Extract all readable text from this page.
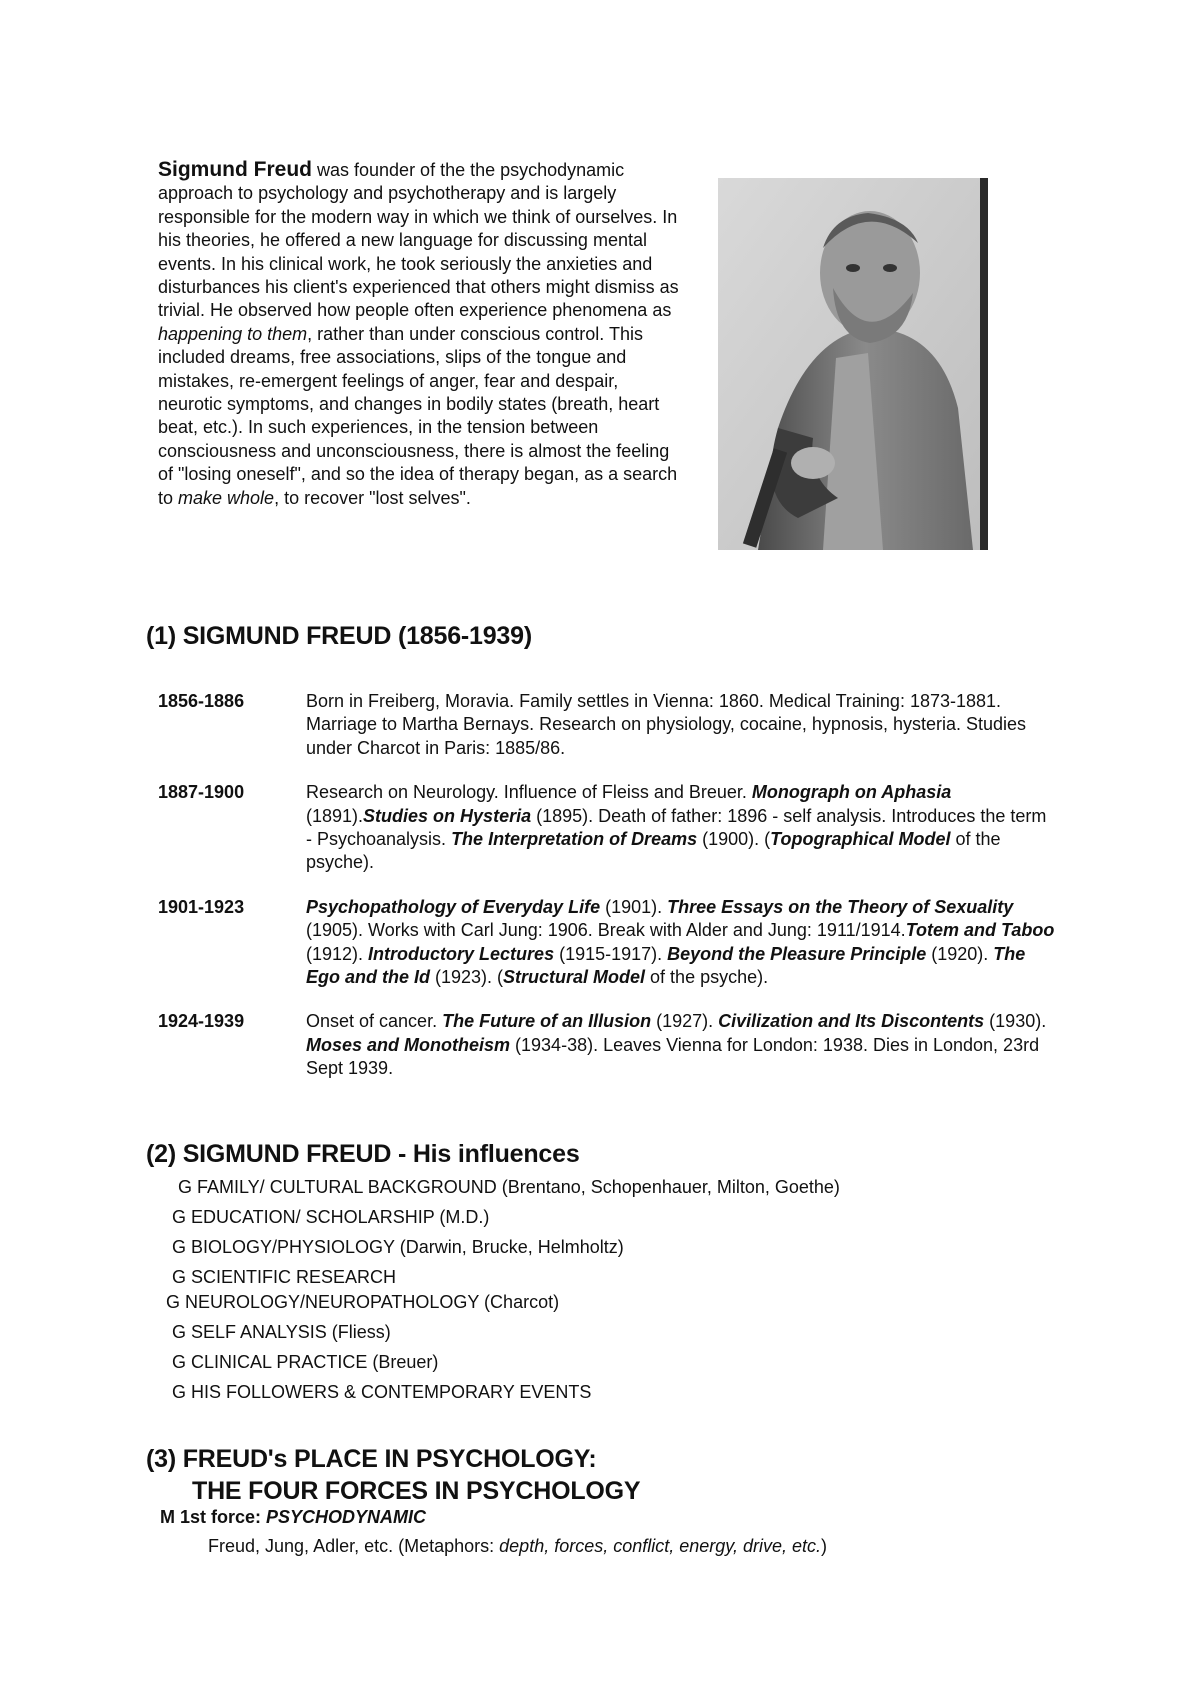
Sigmund Freud was founder of the the psychodynamic approach to psychology and psychotherapy and is largely responsible for the modern way in which we think of ourselves. In his theories, he offered a new language for discussing mental events. In his clinical work, he took seriously the anxieties and disturbances his client's experienced that others might dismiss as trivial. He observed how people often experience phenomena as happening to them, rather than under conscious control. This included dreams, free associations, slips of the tongue and mistakes, re-emergent feelings of anger, fear and despair, neurotic symptoms, and changes in bodily states (breath, heart beat, etc.). In such experiences, in the tension between consciousness and unconsciousness, there is almost the feeling of "losing oneself", and so the idea of therapy began, as a search to make whole, to recover "lost selves".

(1) SIGMUND FREUD (1856-1939)
1856-1886	Born in Freiberg, Moravia. Family settles in Vienna: 1860. Medical Training: 1873-1881. Marriage to Martha Bernays. Research on physiology, cocaine, hypnosis, hysteria. Studies under Charcot in Paris: 1885/86.
1887-1900	Research on Neurology. Influence of Fleiss and Breuer. Monograph on Aphasia (1891).Studies on Hysteria (1895). Death of father: 1896 - self analysis. Introduces the term - Psychoanalysis. The Interpretation of Dreams (1900). (Topographical Model of the psyche).
1901-1923	Psychopathology of Everyday Life (1901). Three Essays on the Theory of Sexuality (1905). Works with Carl Jung: 1906. Break with Alder and Jung: 1911/1914.Totem and Taboo (1912). Introductory Lectures (1915-1917). Beyond the Pleasure Principle (1920). The Ego and the Id (1923). (Structural Model of the psyche).
1924-1939	Onset of cancer. The Future of an Illusion (1927). Civilization and Its Discontents (1930). Moses and Monotheism (1934-38). Leaves Vienna for London: 1938. Dies in London, 23rd Sept 1939.
(2) SIGMUND FREUD - His influences
G FAMILY/ CULTURAL BACKGROUND (Brentano, Schopenhauer, Milton, Goethe)
G EDUCATION/ SCHOLARSHIP (M.D.)
G BIOLOGY/PHYSIOLOGY (Darwin, Brucke, Helmholtz)
G SCIENTIFIC RESEARCH
G NEUROLOGY/NEUROPATHOLOGY (Charcot)
G SELF ANALYSIS (Fliess)
G CLINICAL PRACTICE (Breuer)
G HIS FOLLOWERS & CONTEMPORARY EVENTS
(3) FREUD's PLACE IN PSYCHOLOGY:
THE FOUR FORCES IN PSYCHOLOGY
M 1st force: PSYCHODYNAMIC
Freud, Jung, Adler, etc. (Metaphors: depth, forces, conflict, energy, drive, etc.)
